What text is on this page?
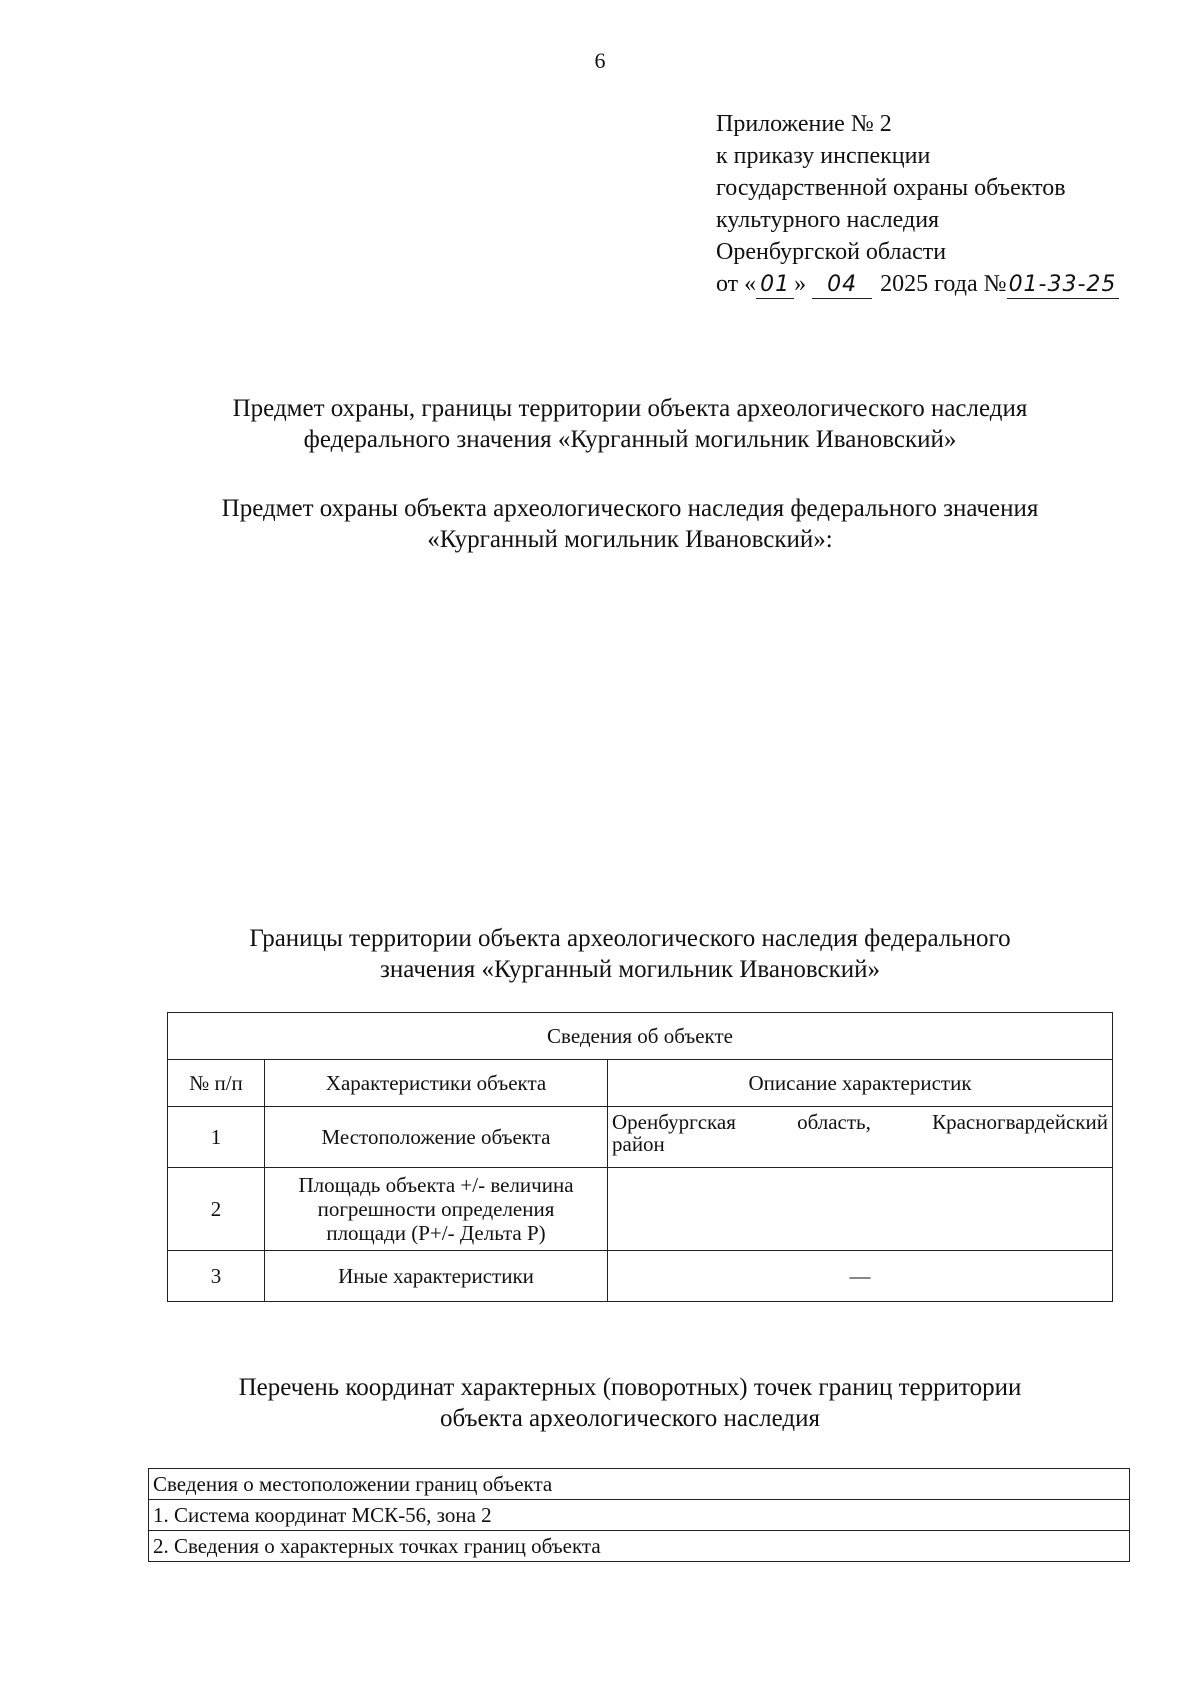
6
Приложение № 2
к приказу инспекции
государственной охраны объектов
культурного наследия
Оренбургской области
от « 01 » 04 2025 года №01-33-25
Предмет охраны, границы территории объекта археологического наследия
федерального значения «Курганный могильник Ивановский»
Предмет охраны объекта археологического наследия федерального значения
«Курганный могильник Ивановский»:
Границы территории объекта археологического наследия федерального
значения «Курганный могильник Ивановский»
Сведения об объекте		
№ п/п	Характеристики объекта	Описание характеристик
1	Местоположение объекта	Оренбургская область, Красногвардейский
район

2	Площадь объекта +/- величина
погрешности определения
площади (Р+/- Дельта Р)	

3	Иные характеристики	—
Перечень координат характерных (поворотных) точек границ территории
объекта археологического наследия
Сведения о местоположении границ объекта
1. Система координат МСК-56, зона 2
2. Сведения о характерных точках границ объекта
